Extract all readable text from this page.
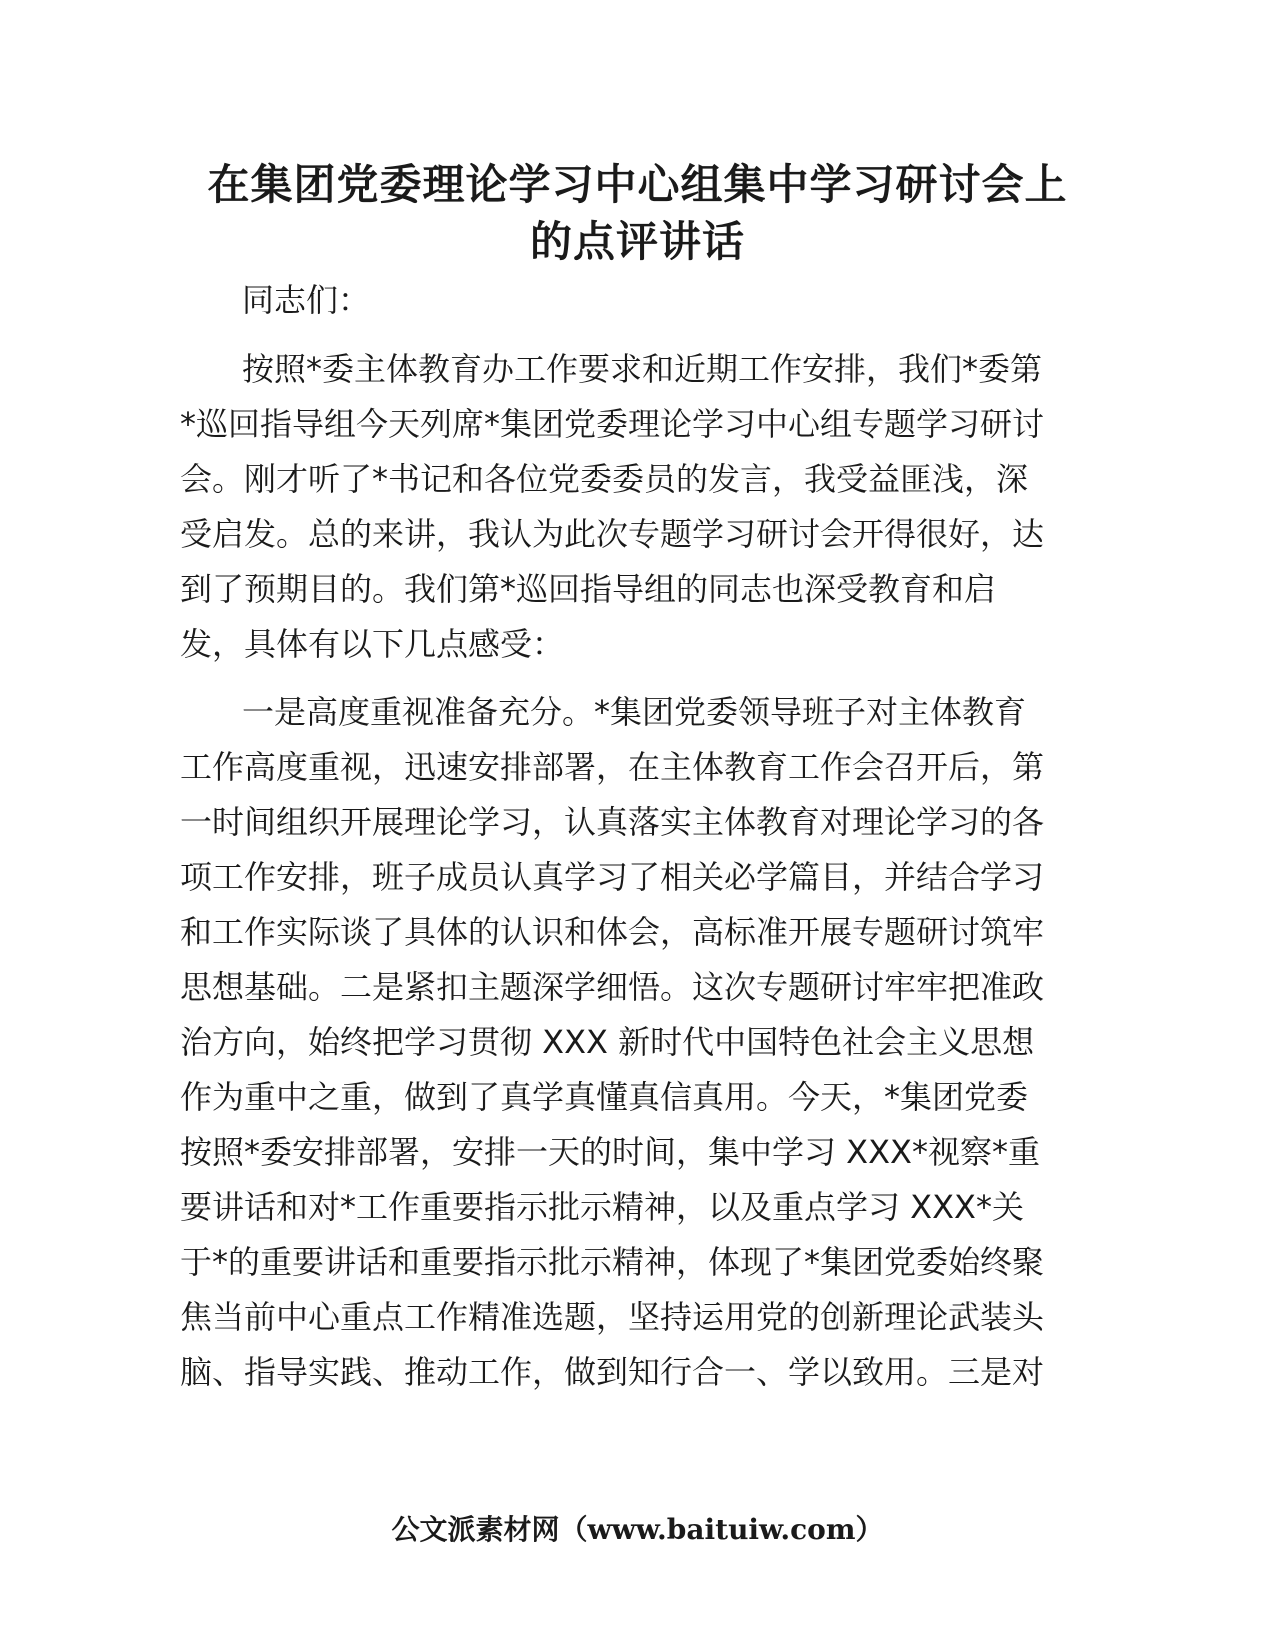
在集团党委理论学习中心组集中学习研讨会上
的点评讲话
同志们：
按照*委主体教育办工作要求和近期工作安排，我们*委第
*巡回指导组今天列席*集团党委理论学习中心组专题学习研讨
会。刚才听了*书记和各位党委委员的发言，我受益匪浅，深
受启发。总的来讲，我认为此次专题学习研讨会开得很好，达
到了预期目的。我们第*巡回指导组的同志也深受教育和启
发，具体有以下几点感受：
一是高度重视准备充分。*集团党委领导班子对主体教育
工作高度重视，迅速安排部署，在主体教育工作会召开后，第
一时间组织开展理论学习，认真落实主体教育对理论学习的各
项工作安排，班子成员认真学习了相关必学篇目，并结合学习
和工作实际谈了具体的认识和体会，高标准开展专题研讨筑牢
思想基础。二是紧扣主题深学细悟。这次专题研讨牢牢把准政
治方向，始终把学习贯彻 XXX 新时代中国特色社会主义思想
作为重中之重，做到了真学真懂真信真用。今天，*集团党委
按照*委安排部署，安排一天的时间，集中学习 XXX*视察*重
要讲话和对*工作重要指示批示精神，以及重点学习 XXX*关
于*的重要讲话和重要指示批示精神，体现了*集团党委始终聚
焦当前中心重点工作精准选题，坚持运用党的创新理论武装头
脑、指导实践、推动工作，做到知行合一、学以致用。三是对
公文派素材网（www.baituiw.com）
